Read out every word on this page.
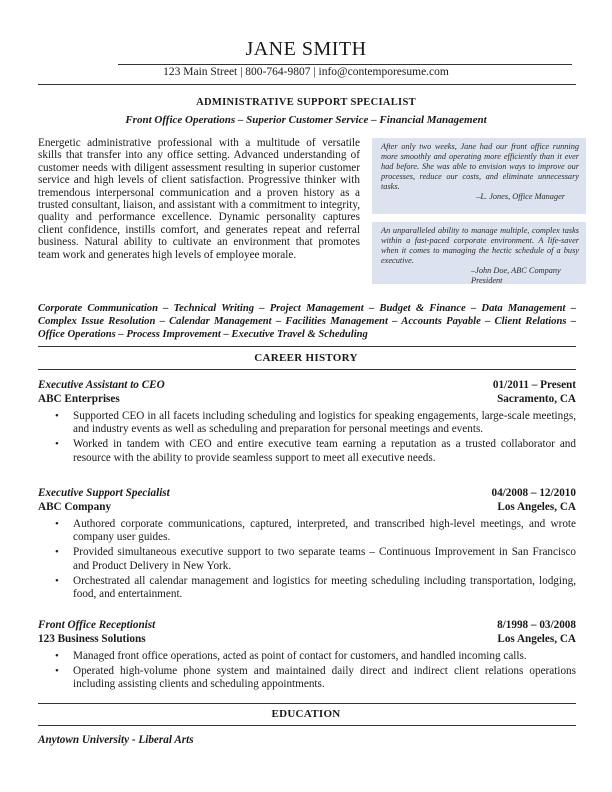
JANE SMITH
123 Main Street | 800-764-9807 | info@contemporesume.com
ADMINISTRATIVE SUPPORT SPECIALIST
Front Office Operations – Superior Customer Service – Financial Management
Energetic administrative professional with a multitude of versatile skills that transfer into any office setting. Advanced understanding of customer needs with diligent assessment resulting in superior customer service and high levels of client satisfaction. Progressive thinker with tremendous interpersonal communication and a proven history as a trusted consultant, liaison, and assistant with a commitment to integrity, quality and performance excellence. Dynamic personality captures client confidence, instills comfort, and generates repeat and referral business. Natural ability to cultivate an environment that promotes team work and generates high levels of employee morale.
After only two weeks, Jane had our front office running more smoothly and operating more efficiently than it ever had before. She was able to envision ways to improve our processes, reduce our costs, and eliminate unnecessary tasks.
–L. Jones, Office Manager
An unparalleled ability to manage multiple, complex tasks within a fast-paced corporate environment. A life-saver when it comes to managing the hectic schedule of a busy executive.
–John Doe, ABC Company President
Corporate Communication – Technical Writing – Project Management – Budget & Finance – Data Management – Complex Issue Resolution – Calendar Management – Facilities Management – Accounts Payable – Client Relations – Office Operations – Process Improvement – Executive Travel & Scheduling
CAREER HISTORY
Executive Assistant to CEO	01/2011 – Present
ABC Enterprises	Sacramento, CA
• Supported CEO in all facets including scheduling and logistics for speaking engagements, large-scale meetings, and industry events as well as scheduling and preparation for personal meetings and events.
• Worked in tandem with CEO and entire executive team earning a reputation as a trusted collaborator and resource with the ability to provide seamless support to meet all executive needs.
Executive Support Specialist	04/2008 – 12/2010
ABC Company	Los Angeles, CA
• Authored corporate communications, captured, interpreted, and transcribed high-level meetings, and wrote company user guides.
• Provided simultaneous executive support to two separate teams – Continuous Improvement in San Francisco and Product Delivery in New York.
• Orchestrated all calendar management and logistics for meeting scheduling including transportation, lodging, food, and entertainment.
Front Office Receptionist	8/1998 – 03/2008
123 Business Solutions	Los Angeles, CA
• Managed front office operations, acted as point of contact for customers, and handled incoming calls.
• Operated high-volume phone system and maintained daily direct and indirect client relations operations including assisting clients and scheduling appointments.
EDUCATION
Anytown University - Liberal Arts
